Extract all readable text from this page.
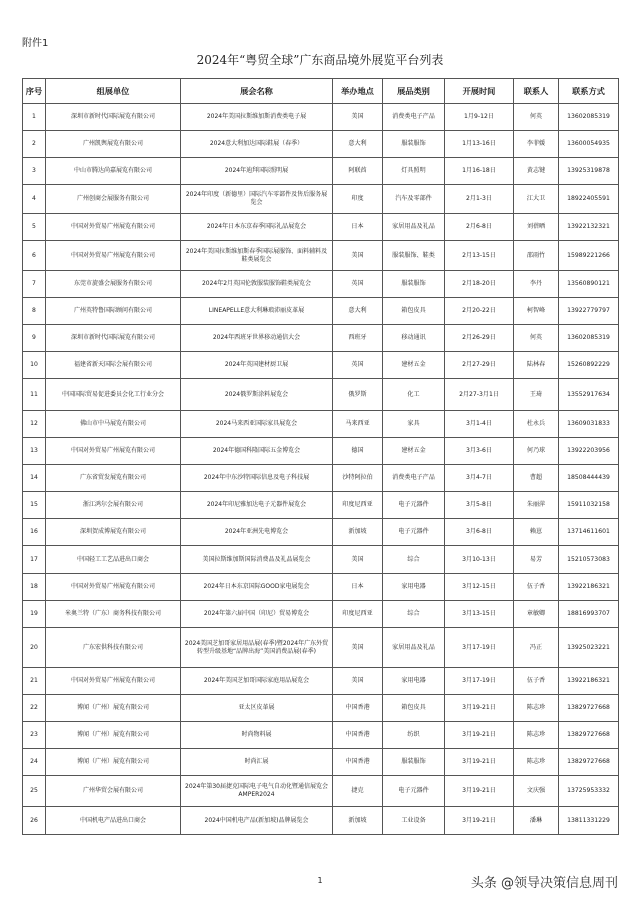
附件1
2024年“粤贸全球”广东商品境外展览平台列表
序号	组展单位	展会名称	举办地点	展品类别	开展时间	联系人	联系方式
1	深圳市新时代国际展览有限公司	2024年美国拉斯维加斯消费类电子展	美国	消费类电子产品	1月9-12日	何英	13602085319
2	广州凯舆展览有限公司	2024意大利加达国际鞋展（春季）	意大利	服装服饰	1月13-16日	李菲媛	13600054935
3	中山市腾达尚嘉展览有限公司	2024年迪拜国际照明展	阿联酋	灯具照明	1月16-18日	黄志键	13925319878
4	广州创商会展服务有限公司	2024年印度（新德里）国际汽车零部件及售后服务展览会	印度	汽车及零部件	2月1-3日	江大卫	18922405591
5	中国对外贸易广州展览有限公司	2024年日本东京春季国际礼品展览会	日本	家居用品及礼品	2月6-8日	刘蓓晒	13922132321
6	中国对外贸易广州展览有限公司	2024年美国拉斯维加斯春季国际展服饰、面料辅料及鞋类展览会	美国	服装服饰、鞋类	2月13-15日	邵雨竹	15989221266
7	东莞市旋盛会展服务有限公司	2024年2月英国伦敦服装服饰鞋类展览会	英国	服装服饰	2月18-20日	李丹	13560890121
8	广州英特鲁国际顾问有限公司	LINEAPELLE意大利琳琅沛丽皮革展	意大利	箱包皮具	2月20-22日	柯智峰	13922779797
9	深圳市新时代国际展览有限公司	2024年西班牙世界移动通信大会	西班牙	移动通讯	2月26-29日	何英	13602085319
10	福建省新天国际会展有限公司	2024年英国建材厨卫展	英国	建材五金	2月27-29日	陆林春	15260892229
11	中国国际贸易促进委员会化工行业分会	2024俄罗斯涂料展览会	俄罗斯	化工	2月27-3月1日	王琦	13552917634
12	佛山市中马展览有限公司	2024马来西亚国际家具展览会	马来西亚	家具	3月1-4日	杜永兵	13609031833
13	中国对外贸易广州展览有限公司	2024年德国科隆国际五金博览会	德国	建材五金	3月3-6日	何乃球	13922203956
14	广东省贸发展览有限公司	2024年中东沙特国际信息及电子科技展	沙特阿拉伯	消费类电子产品	3月4-7日	曹超	18508444439
15	浙江鸿尔会展有限公司	2024年印尼雅加达电子元器件展览会	印度尼西亚	电子元器件	3月5-8日	朱丽萍	15911032158
16	深圳贺成博展览有限公司	2024年亚洲先电博览会	新加坡	电子元器件	3月6-8日	赖崽	13714611601
17	中国轻工工艺品进出口商会	美国拉斯维加斯国际消费品及礼品展览会	美国	综合	3月10-13日	易芳	15210573083
18	中国对外贸易广州展览有限公司	2024年日本东京国际GOOD家电展览会	日本	家用电器	3月12-15日	伍子香	13922186321
19	米奥兰特（广东）商务科技有限公司	2024年第六届中国（印尼）贸易博览会	印度尼西亚	综合	3月13-15日	章敏卿	18816993707
20	广东宏供科技有限公司	2024美国芝加哥家居用品展(春季)暨2024年广东外贸转型升级基地“品牌出海”美国消费品展(春季)	美国	家居用品及礼品	3月17-19日	冯正	13925023221
21	中国对外贸易广州展览有限公司	2024年美国芝加哥国际家庭用品展览会	美国	家用电器	3月17-19日	伍子香	13922186321
22	博闻（广州）展览有限公司	亚太区皮革展	中国香港	箱包皮具	3月19-21日	陈志珍	13829727668
23	博闻（广州）展览有限公司	时尚物料展	中国香港	纺织	3月19-21日	陈志珍	13829727668
24	博闻（广州）展览有限公司	时尚汇展	中国香港	服装服饰	3月19-21日	陈志珍	13829727668
25	广州华贸会展有限公司	2024年第30届捷克国际电子电气自动化暨通信展览会AMPER2024	捷克	电子元器件	3月19-21日	文庆强	13725953332
26	中国机电产品进出口商会	2024中国机电产品(新加坡)品牌展览会	新加坡	工业设备	3月19-21日	潘琳	13811331229
1	头条 @领导决策信息周刊
